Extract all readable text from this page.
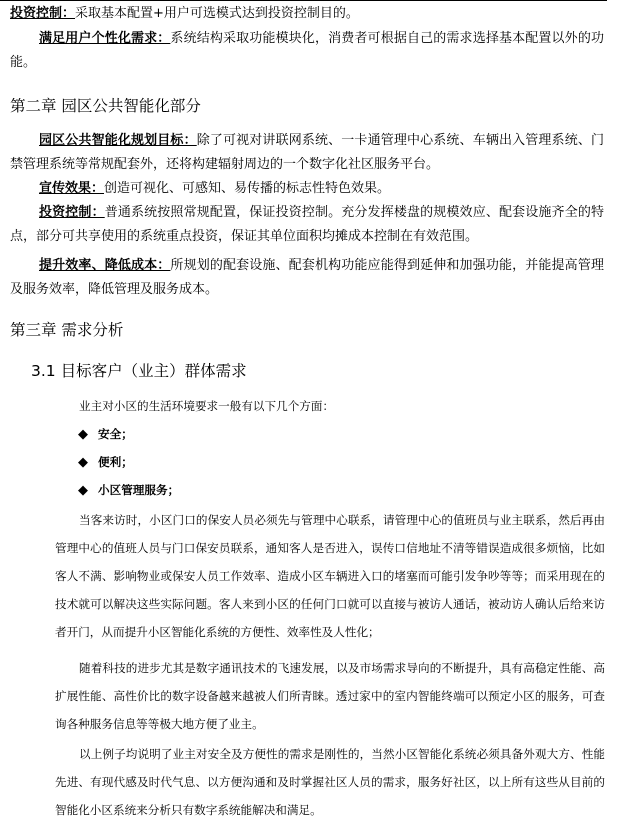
投资控制：采取基本配置+用户可选模式达到投资控制目的。

满足用户个性化需求：系统结构采取功能模块化，消费者可根据自己的需求选择基本配置以外的功能。

第二章 园区公共智能化部分

园区公共智能化规划目标：除了可视对讲联网系统、一卡通管理中心系统、车辆出入管理系统、门禁管理系统等常规配套外，还将构建辐射周边的一个数字化社区服务平台。

宣传效果：创造可视化、可感知、易传播的标志性特色效果。

投资控制：普通系统按照常规配置，保证投资控制。充分发挥楼盘的规模效应、配套设施齐全的特点，部分可共享使用的系统重点投资，保证其单位面积均摊成本控制在有效范围。

提升效率、降低成本：所规划的配套设施、配套机构功能应能得到延伸和加强功能，并能提高管理及服务效率，降低管理及服务成本。

第三章 需求分析
3.1 目标客户（业主）群体需求

业主对小区的生活环境要求一般有以下几个方面：

◆ 安全；
◆ 便利；
◆ 小区管理服务；

当客来访时，小区门口的保安人员必须先与管理中心联系，请管理中心的值班员与业主联系，然后再由管理中心的值班人员与门口保安员联系，通知客人是否进入，误传口信地址不清等错误造成很多烦恼，比如客人不满、影响物业或保安人员工作效率、造成小区车辆进入口的堵塞而可能引发争吵等等；而采用现在的技术就可以解决这些实际问题。客人来到小区的任何门口就可以直接与被访人通话，被动访人确认后给来访者开门，从而提升小区智能化系统的方便性、效率性及人性化；

随着科技的进步尤其是数字通讯技术的飞速发展，以及市场需求导向的不断提升，具有高稳定性能、高扩展性能、高性价比的数字设备越来越被人们所青睐。透过家中的室内智能终端可以预定小区的服务，可查询各种服务信息等等极大地方便了业主。

以上例子均说明了业主对安全及方便性的需求是刚性的，当然小区智能化系统必须具备外观大方、性能先进、有现代感及时代气息、以方便沟通和及时掌握社区人员的需求，服务好社区，以上所有这些从目前的智能化小区系统来分析只有数字系统能解决和满足。
